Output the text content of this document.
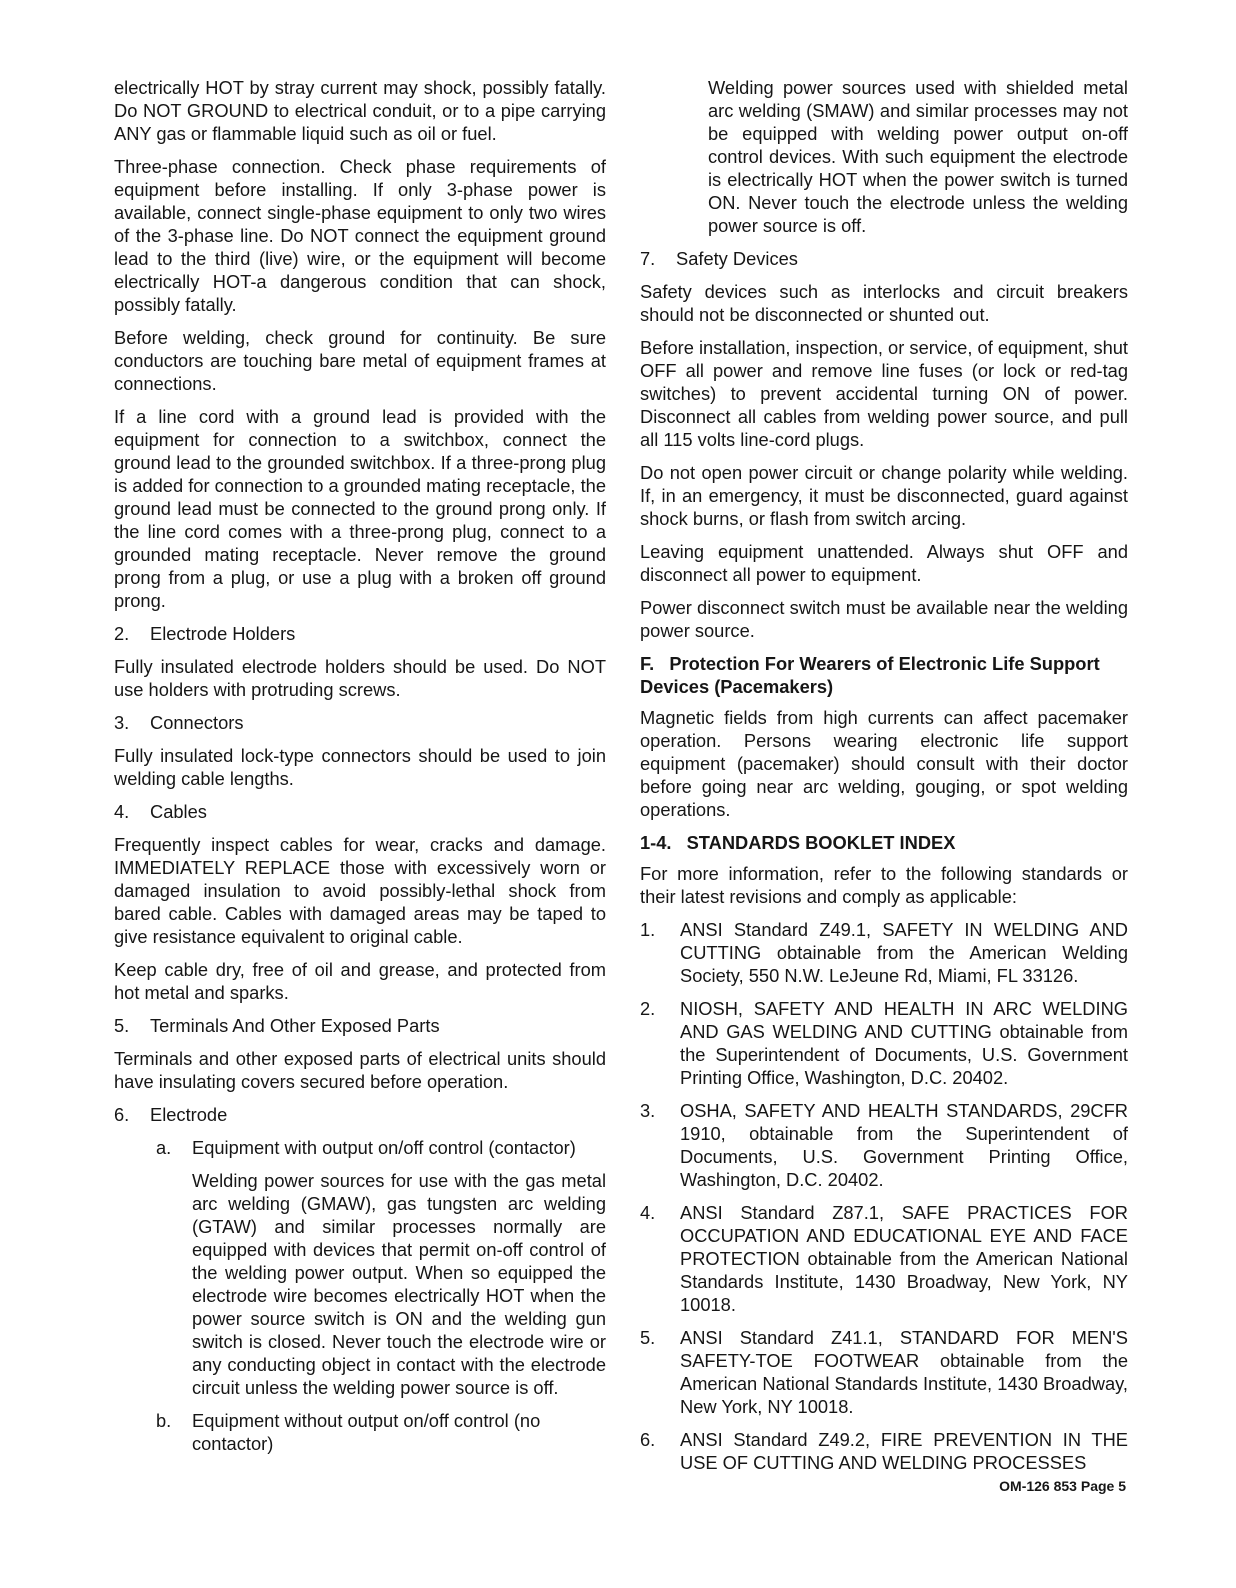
electrically HOT by stray current may shock, possibly fatally. Do NOT GROUND to electrical conduit, or to a pipe carrying ANY gas or flammable liquid such as oil or fuel.

Three-phase connection. Check phase requirements of equipment before installing. If only 3-phase power is available, connect single-phase equipment to only two wires of the 3-phase line. Do NOT connect the equipment ground lead to the third (live) wire, or the equipment will become electrically HOT-a dangerous condition that can shock, possibly fatally.

Before welding, check ground for continuity. Be sure conductors are touching bare metal of equipment frames at connections.

If a line cord with a ground lead is provided with the equipment for connection to a switchbox, connect the ground lead to the grounded switchbox. If a three-prong plug is added for connection to a grounded mating receptacle, the ground lead must be connected to the ground prong only. If the line cord comes with a three-prong plug, connect to a grounded mating receptacle. Never remove the ground prong from a plug, or use a plug with a broken off ground prong.

2.	Electrode Holders

Fully insulated electrode holders should be used. Do NOT use holders with protruding screws.

3.	Connectors

Fully insulated lock-type connectors should be used to join welding cable lengths.

4.	Cables

Frequently inspect cables for wear, cracks and damage. IMMEDIATELY REPLACE those with excessively worn or damaged insulation to avoid possibly-lethal shock from bared cable. Cables with damaged areas may be taped to give resistance equivalent to original cable.

Keep cable dry, free of oil and grease, and protected from hot metal and sparks.

5.	Terminals And Other Exposed Parts

Terminals and other exposed parts of electrical units should have insulating covers secured before operation.

6.	Electrode
a.	Equipment with output on/off control (contactor)

Welding power sources for use with the gas metal arc welding (GMAW), gas tungsten arc welding (GTAW) and similar processes normally are equipped with devices that permit on-off control of the welding power output. When so equipped the electrode wire becomes electrically HOT when the power source switch is ON and the welding gun switch is closed. Never touch the electrode wire or any conducting object in contact with the electrode circuit unless the welding power source is off.

b.	Equipment without output on/off control (no contactor)

Welding power sources used with shielded metal arc welding (SMAW) and similar processes may not be equipped with welding power output on-off control devices. With such equipment the electrode is electrically HOT when the power switch is turned ON. Never touch the electrode unless the welding power source is off.

7.	Safety Devices

Safety devices such as interlocks and circuit breakers should not be disconnected or shunted out.

Before installation, inspection, or service, of equipment, shut OFF all power and remove line fuses (or lock or red-tag switches) to prevent accidental turning ON of power. Disconnect all cables from welding power source, and pull all 115 volts line-cord plugs.

Do not open power circuit or change polarity while welding. If, in an emergency, it must be disconnected, guard against shock burns, or flash from switch arcing.

Leaving equipment unattended. Always shut OFF and disconnect all power to equipment.

Power disconnect switch must be available near the welding power source.

F. Protection For Wearers of Electronic Life Support Devices (Pacemakers)

Magnetic fields from high currents can affect pacemaker operation. Persons wearing electronic life support equipment (pacemaker) should consult with their doctor before going near arc welding, gouging, or spot welding operations.

1-4. STANDARDS BOOKLET INDEX

For more information, refer to the following standards or their latest revisions and comply as applicable:

1.	ANSI Standard Z49.1, SAFETY IN WELDING AND CUTTING obtainable from the American Welding Society, 550 N.W. LeJeune Rd, Miami, FL 33126.
2.	NIOSH, SAFETY AND HEALTH IN ARC WELDING AND GAS WELDING AND CUTTING obtainable from the Superintendent of Documents, U.S. Government Printing Office, Washington, D.C. 20402.
3.	OSHA, SAFETY AND HEALTH STANDARDS, 29CFR 1910, obtainable from the Superintendent of Documents, U.S. Government Printing Office, Washington, D.C. 20402.
4.	ANSI Standard Z87.1, SAFE PRACTICES FOR OCCUPATION AND EDUCATIONAL EYE AND FACE PROTECTION obtainable from the American National Standards Institute, 1430 Broadway, New York, NY 10018.
5.	ANSI Standard Z41.1, STANDARD FOR MEN'S SAFETY-TOE FOOTWEAR obtainable from the American National Standards Institute, 1430 Broadway, New York, NY 10018.
6.	ANSI Standard Z49.2, FIRE PREVENTION IN THE USE OF CUTTING AND WELDING PROCESSES
OM-126 853 Page 5
